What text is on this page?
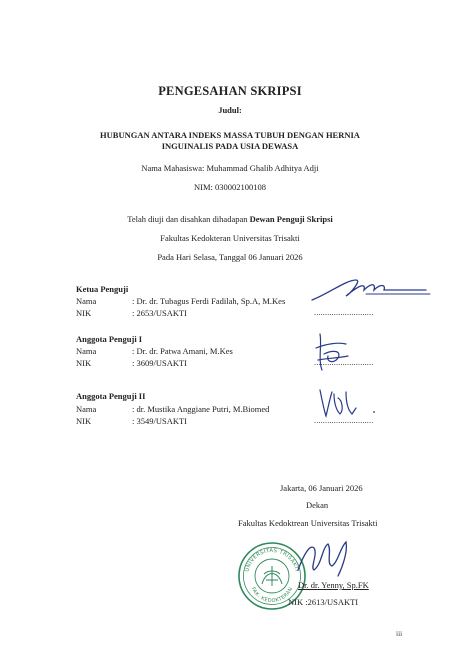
PENGESAHAN SKRIPSI
Judul:
HUBUNGAN ANTARA INDEKS MASSA TUBUH DENGAN HERNIA
INGUINALIS PADA USIA DEWASA
Nama Mahasiswa: Muhammad Ghalib Adhitya Adji
NIM: 030002100108
Telah diuji dan disahkan dihadapan Dewan Penguji Skripsi
Fakultas Kedokteran Universitas Trisakti
Pada Hari Selasa, Tanggal 06 Januari 2026
Ketua Penguji
Nama	: Dr. dr. Tubagus Ferdi Fadilah, Sp.A, M.Kes
NIK	: 2653/USAKTI	...........................
Anggota Penguji I
Nama	: Dr. dr. Patwa Amani, M.Kes
NIK	: 3609/USAKTI	...........................
Anggota Penguji II
Nama	: dr. Mustika Anggiane Putri, M.Biomed
NIK	: 3549/USAKTI	...........................
Jakarta, 06 Januari 2026
Dekan
Fakultas Kedoktrean Universitas Trisakti
UNIVERSITAS TRISAKTI
FAK. KEDOKTERAN Dr. dr. Yenny, Sp.FK
NIK :2613/USAKTI
iii
